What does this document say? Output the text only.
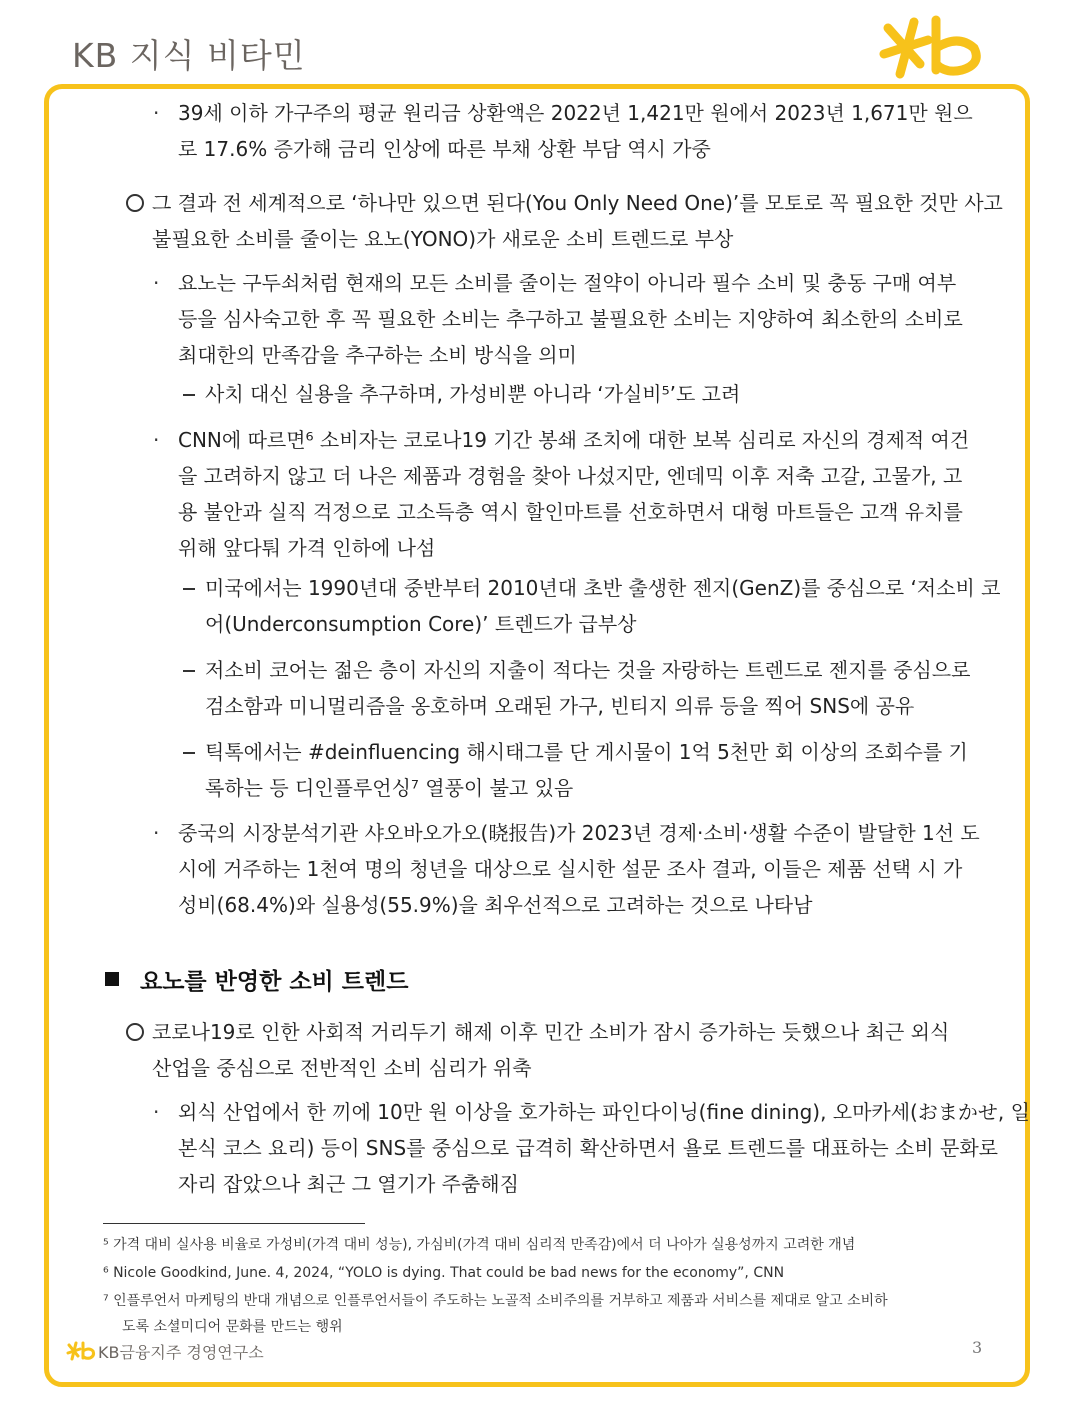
KB 지식 비타민
· 39세 이하 가구주의 평균 원리금 상환액은 2022년 1,421만 원에서 2023년 1,671만 원으
로 17.6% 증가해 금리 인상에 따른 부채 상환 부담 역시 가중
그 결과 전 세계적으로 ‘하나만 있으면 된다(You Only Need One)’를 모토로 꼭 필요한 것만 사고
불필요한 소비를 줄이는 요노(YONO)가 새로운 소비 트렌드로 부상
· 요노는 구두쇠처럼 현재의 모든 소비를 줄이는 절약이 아니라 필수 소비 및 충동 구매 여부
등을 심사숙고한 후 꼭 필요한 소비는 추구하고 불필요한 소비는 지양하여 최소한의 소비로
최대한의 만족감을 추구하는 소비 방식을 의미
사치 대신 실용을 추구하며, 가성비뿐 아니라 ‘가실비⁵’도 고려
· CNN에 따르면⁶ 소비자는 코로나19 기간 봉쇄 조치에 대한 보복 심리로 자신의 경제적 여건
을 고려하지 않고 더 나은 제품과 경험을 찾아 나섰지만, 엔데믹 이후 저축 고갈, 고물가, 고
용 불안과 실직 걱정으로 고소득층 역시 할인마트를 선호하면서 대형 마트들은 고객 유치를
위해 앞다퉈 가격 인하에 나섬
미국에서는 1990년대 중반부터 2010년대 초반 출생한 젠지(GenZ)를 중심으로 ‘저소비 코
어(Underconsumption Core)’ 트렌드가 급부상
저소비 코어는 젊은 층이 자신의 지출이 적다는 것을 자랑하는 트렌드로 젠지를 중심으로
검소함과 미니멀리즘을 옹호하며 오래된 가구, 빈티지 의류 등을 찍어 SNS에 공유
틱톡에서는 #deinfluencing 해시태그를 단 게시물이 1억 5천만 회 이상의 조회수를 기
록하는 등 디인플루언싱⁷ 열풍이 불고 있음
· 중국의 시장분석기관 샤오바오가오(晓报告)가 2023년 경제·소비·생활 수준이 발달한 1선 도
시에 거주하는 1천여 명의 청년을 대상으로 실시한 설문 조사 결과, 이들은 제품 선택 시 가
성비(68.4%)와 실용성(55.9%)을 최우선적으로 고려하는 것으로 나타남
요노를 반영한 소비 트렌드
코로나19로 인한 사회적 거리두기 해제 이후 민간 소비가 잠시 증가하는 듯했으나 최근 외식
산업을 중심으로 전반적인 소비 심리가 위축
· 외식 산업에서 한 끼에 10만 원 이상을 호가하는 파인다이닝(fine dining), 오마카세(おまかせ, 일
본식 코스 요리) 등이 SNS를 중심으로 급격히 확산하면서 욜로 트렌드를 대표하는 소비 문화로
자리 잡았으나 최근 그 열기가 주춤해짐
⁵ 가격 대비 실사용 비율로 가성비(가격 대비 성능), 가심비(가격 대비 심리적 만족감)에서 더 나아가 실용성까지 고려한 개념
⁶ Nicole Goodkind, June. 4, 2024, “YOLO is dying. That could be bad news for the economy”, CNN
⁷ 인플루언서 마케팅의 반대 개념으로 인플루언서들이 주도하는 노골적 소비주의를 거부하고 제품과 서비스를 제대로 알고 소비하
도록 소셜미디어 문화를 만드는 행위
KB금융지주 경영연구소	3
